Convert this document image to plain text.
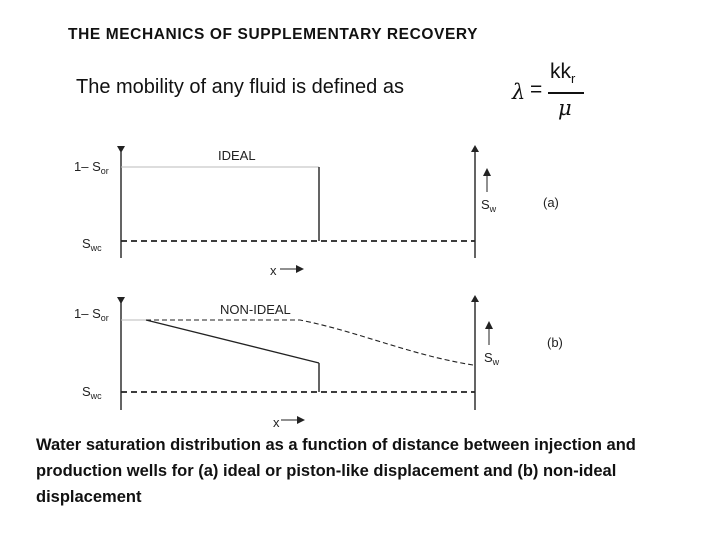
THE MECHANICS OF SUPPLEMENTARY RECOVERY
The mobility of any fluid is defined as	λ =
$kk_r$
μ
IDEAL
1– $S_{or}$
$S_{wc}$
x
$S_w$	(a)
NON-IDEAL
1– $S_{or}$
$S_{wc}$
x
$S_w$
(b)
Water saturation distribution as a function of distance between injection and production wells for (a) ideal or piston-like displacement and (b) non-ideal displacement
